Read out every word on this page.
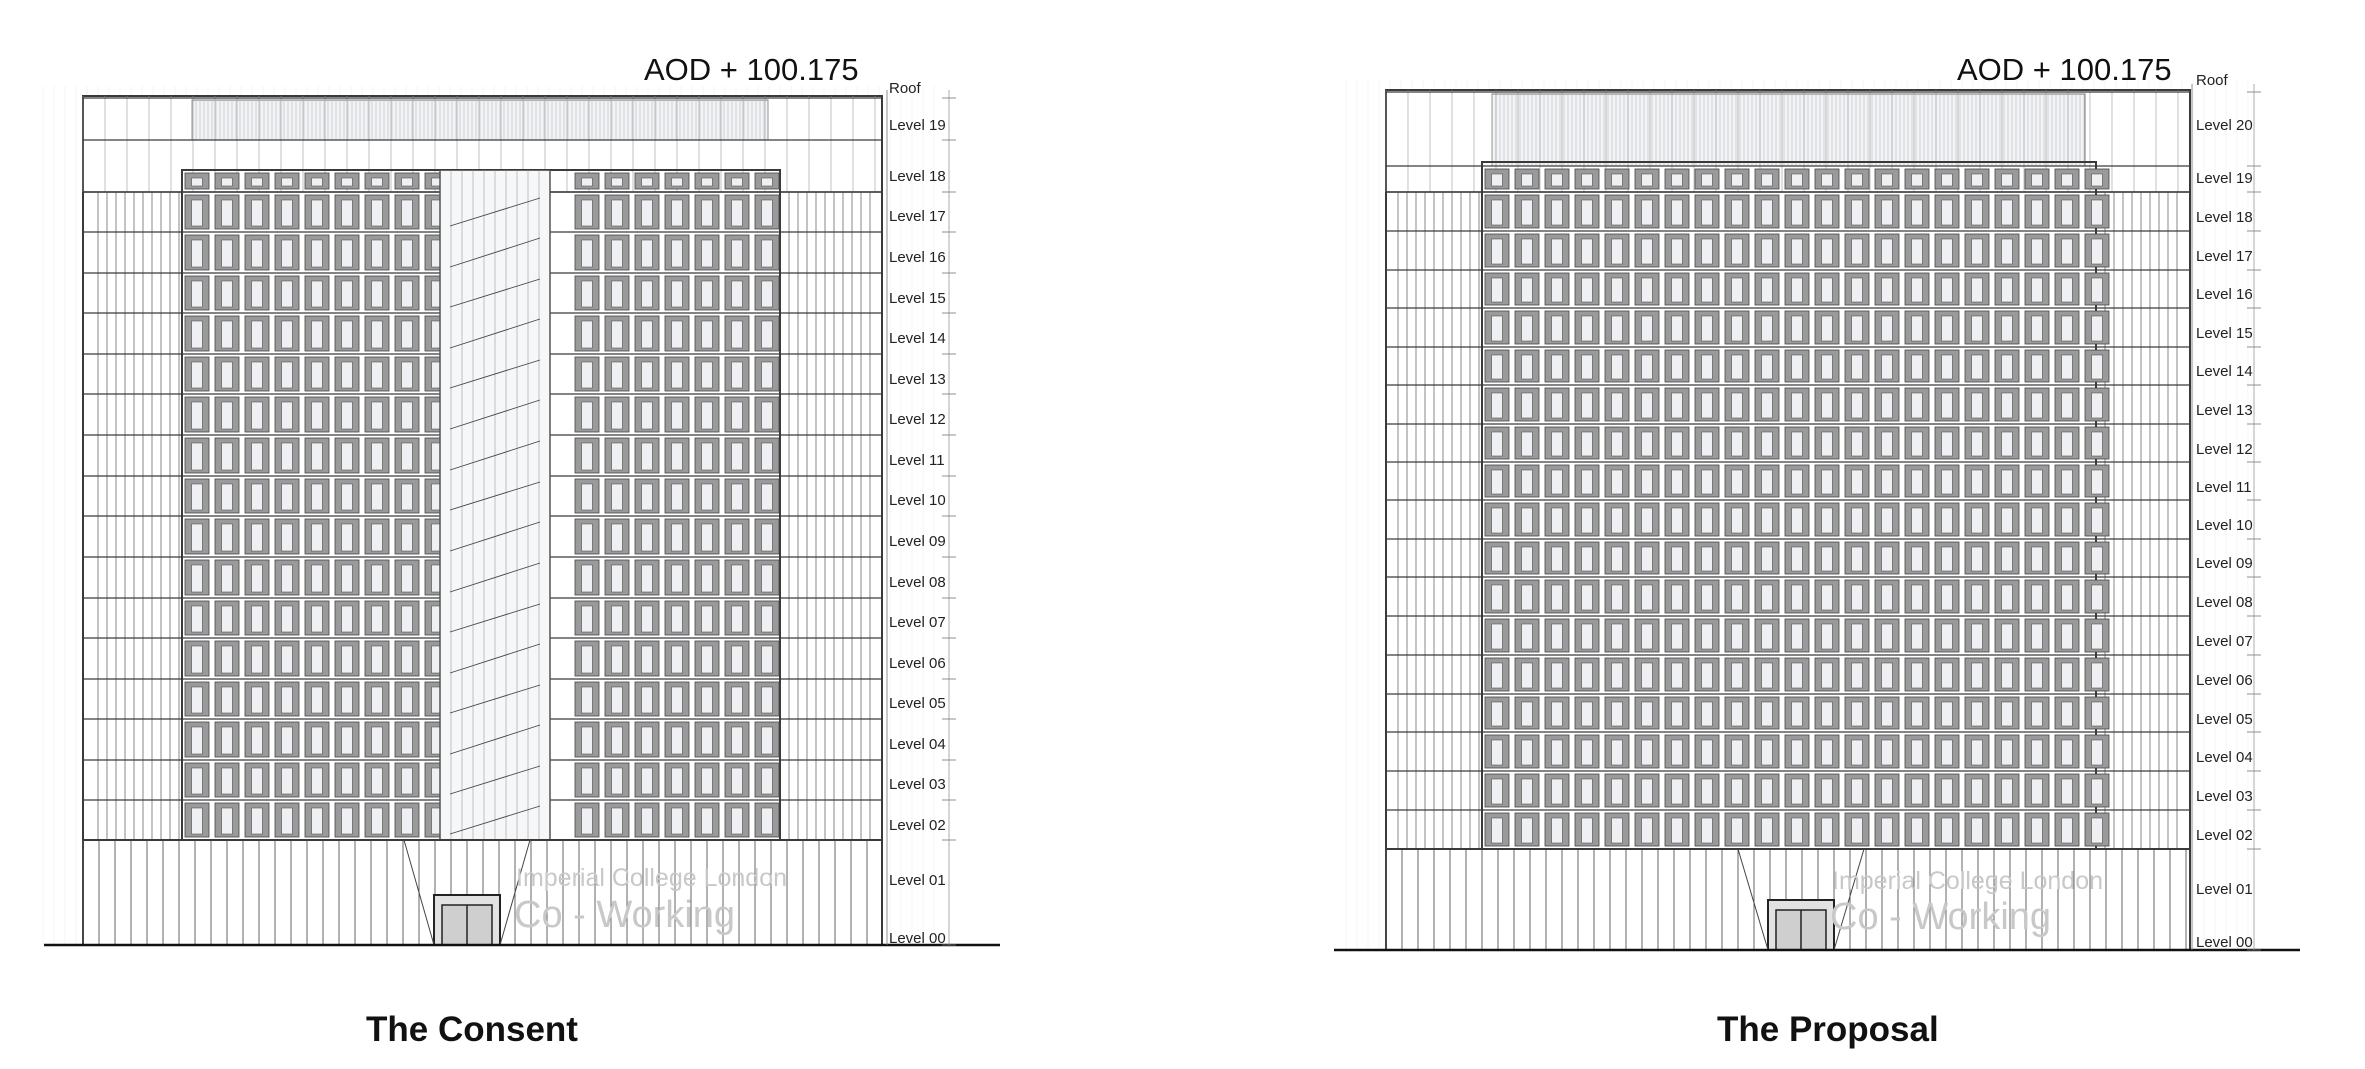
AOD + 100.175	AOD + 100.175
Roof	Roof
Level 19
Level 18
Level 17
Level 16
Level 15
Level 14
Level 13
Level 12
Level 11
Level 10
Level 09
Level 08
Level 07
Level 06
Level 05
Level 04
Level 03
Level 02
Level 01
Level 00
Level 20
Level 19
Level 18
Level 17
Level 16
Level 15
Level 14
Level 13
Level 12
Level 11
Level 10
Level 09
Level 08
Level 07
Level 06
Level 05
Level 04
Level 03
Level 02
Level 01
Level 00
Imperial College London
Co - Working
Imperial College London
Co - Working
The Consent	The Proposal
